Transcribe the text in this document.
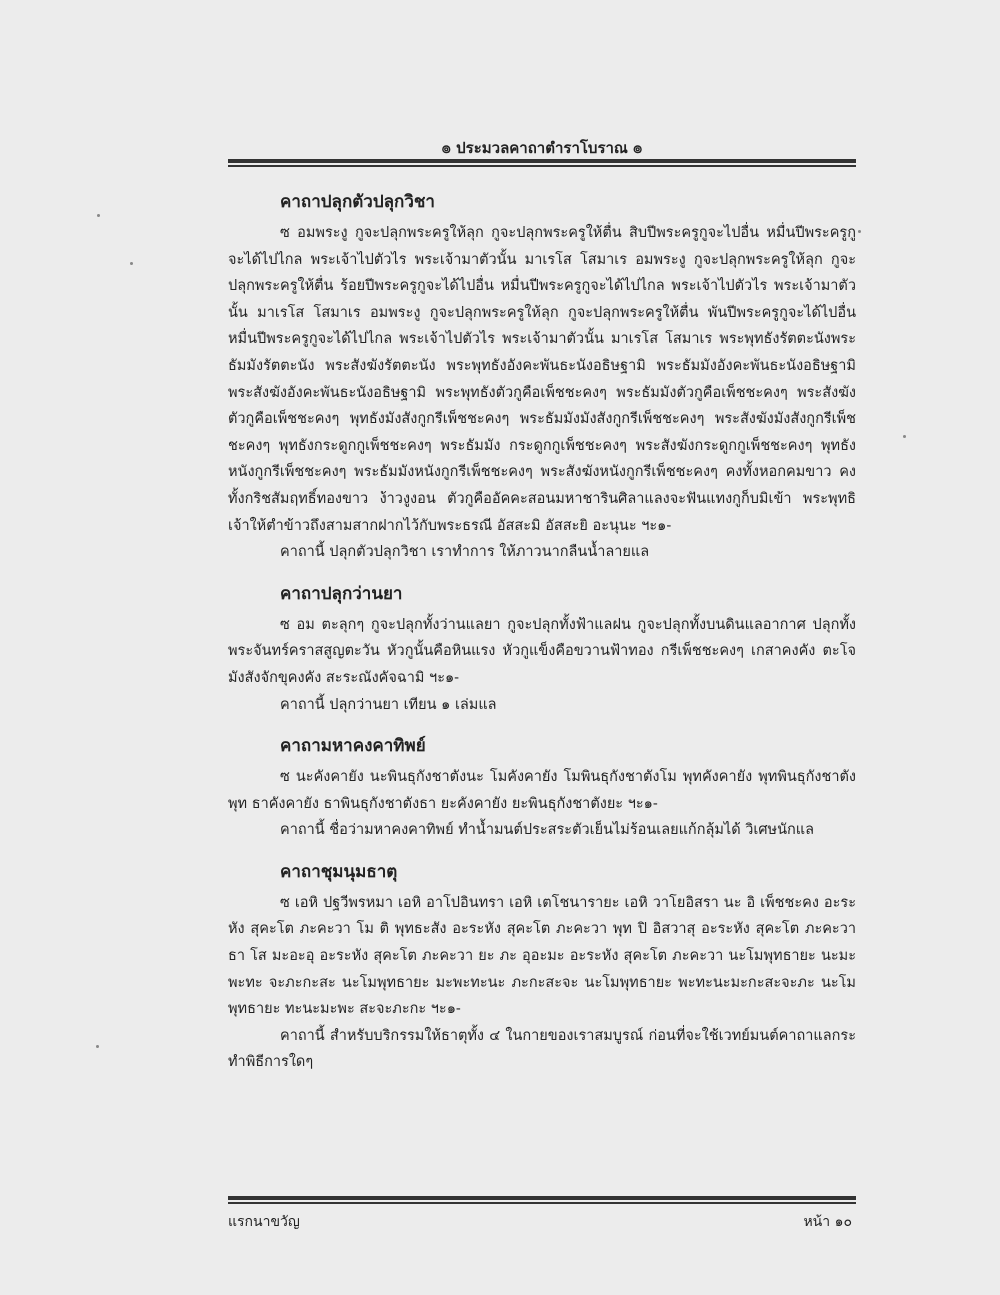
๏ ประมวลคาถาตำราโบราณ ๏
คาถาปลุกตัวปลุกวิชา

ซ อมพระงู กูจะปลุกพระครูให้ลุก กูจะปลุกพระครูให้ตื่น สิบปีพระครูกูจะไปอื่น หมื่นปีพระครูกูจะได้ไปไกล พระเจ้าไปตัวไร พระเจ้ามาตัวนั้น มาเรโส โสมาเร อมพระงู กูจะปลุกพระครูให้ลุก กูจะปลุกพระครูให้ตื่น ร้อยปีพระครูกูจะได้ไปอื่น หมื่นปีพระครูกูจะได้ไปไกล พระเจ้าไปตัวไร พระเจ้ามาตัวนั้น มาเรโส โสมาเร อมพระงู กูจะปลุกพระครูให้ลุก กูจะปลุกพระครูให้ตื่น พันปีพระครูกูจะได้ไปอื่น หมื่นปีพระครูกูจะได้ไปไกล พระเจ้าไปตัวไร พระเจ้ามาตัวนั้น มาเรโส โสมาเร พระพุทธังรัตตะนังพระธัมมังรัตตะนัง พระสังฆังรัตตะนัง พระพุทธังอังคะพันธะนังอธิษฐามิ พระธัมมังอังคะพันธะนังอธิษฐามิ พระสังฆังอังคะพันธะนังอธิษฐามิ พระพุทธังตัวกูคือเพ็ชชะคงๆ พระธัมมังตัวกูคือเพ็ชชะคงๆ พระสังฆังตัวกูคือเพ็ชชะคงๆ พุทธังมังสังกูกรีเพ็ชชะคงๆ พระธัมมังมังสังกูกรีเพ็ชชะคงๆ พระสังฆังมังสังกูกรีเพ็ชชะคงๆ พุทธังกระดูกกูเพ็ชชะคงๆ พระธัมมัง กระดูกกูเพ็ชชะคงๆ พระสังฆังกระดูกกูเพ็ชชะคงๆ พุทธังหนังกูกรีเพ็ชชะคงๆ พระธัมมังหนังกูกรีเพ็ชชะคงๆ พระสังฆังหนังกูกรีเพ็ชชะคงๆ คงทั้งหอกคมขาว คงทั้งกริชสัมฤทธิ์ทองขาว ง้าวงูงอน ตัวกูคืออัคคะสอนมหาชารินศิลาแลงจะฟันแทงกูก็บมิเข้า พระพุทธิเจ้าให้ตำข้าวถึงสามสากฝากไว้กับพระธรณี อัสสะมิ อัสสะยิ อะนุนะ ฯะ๑-

คาถานี้ ปลุกตัวปลุกวิชา เราทำการ ให้ภาวนากลืนน้ำลายแล

คาถาปลุกว่านยา

ซ อม ตะลุกๆ กูจะปลุกทั้งว่านแลยา กูจะปลุกทั้งฟ้าแลฝน กูจะปลุกทั้งบนดินแลอากาศ ปลุกทั้งพระจันทร์คราสสูญตะวัน หัวกูนั้นคือหินแรง หัวกูแข็งคือขวานฟ้าทอง กรีเพ็ชชะคงๆ เกสาคงคัง ตะโจมังสังจักขุคงคัง สะระณังคัจฉามิ ฯะ๑-

คาถานี้ ปลุกว่านยา เทียน ๑ เล่มแล

คาถามหาคงคาทิพย์

ซ นะคังคายัง นะพินธุกังชาตังนะ โมคังคายัง โมพินธุกังชาตังโม พุทคังคายัง พุทพินธุกังชาตังพุท ธาคังคายัง ธาพินธุกังชาตังธา ยะคังคายัง ยะพินธุกังชาตังยะ ฯะ๑-

คาถานี้ ชื่อว่ามหาคงคาทิพย์ ทำน้ำมนต์ประสระตัวเย็นไม่ร้อนเลยแก้กลุ้มได้ วิเศษนักแล

คาถาชุมนุมธาตุ

ซ เอหิ ปฐวีพรหมา เอหิ อาโปอินทรา เอหิ เตโชนารายะ เอหิ วาโยอิสรา นะ อิ เพ็ชชะคง อะระหัง สุคะโต ภะคะวา โม ติ พุทธะสัง อะระหัง สุคะโต ภะคะวา พุท ปิ อิสวาสุ อะระหัง สุคะโต ภะคะวา ธา โส มะอะอุ อะระหัง สุคะโต ภะคะวา ยะ ภะ อุอะมะ อะระหัง สุคะโต ภะคะวา นะโมพุทธายะ นะมะพะทะ จะภะกะสะ นะโมพุทธายะ มะพะทะนะ ภะกะสะจะ นะโมพุทธายะ พะทะนะมะกะสะจะภะ นะโมพุทธายะ ทะนะมะพะ สะจะภะกะ ฯะ๑-

คาถานี้ สำหรับบริกรรมให้ธาตุทั้ง ๔ ในกายของเราสมบูรณ์ ก่อนที่จะใช้เวทย์มนต์คาถาแลกระทำพิธีการใดๆ

แรกนาขวัญ	หน้า ๑๐
